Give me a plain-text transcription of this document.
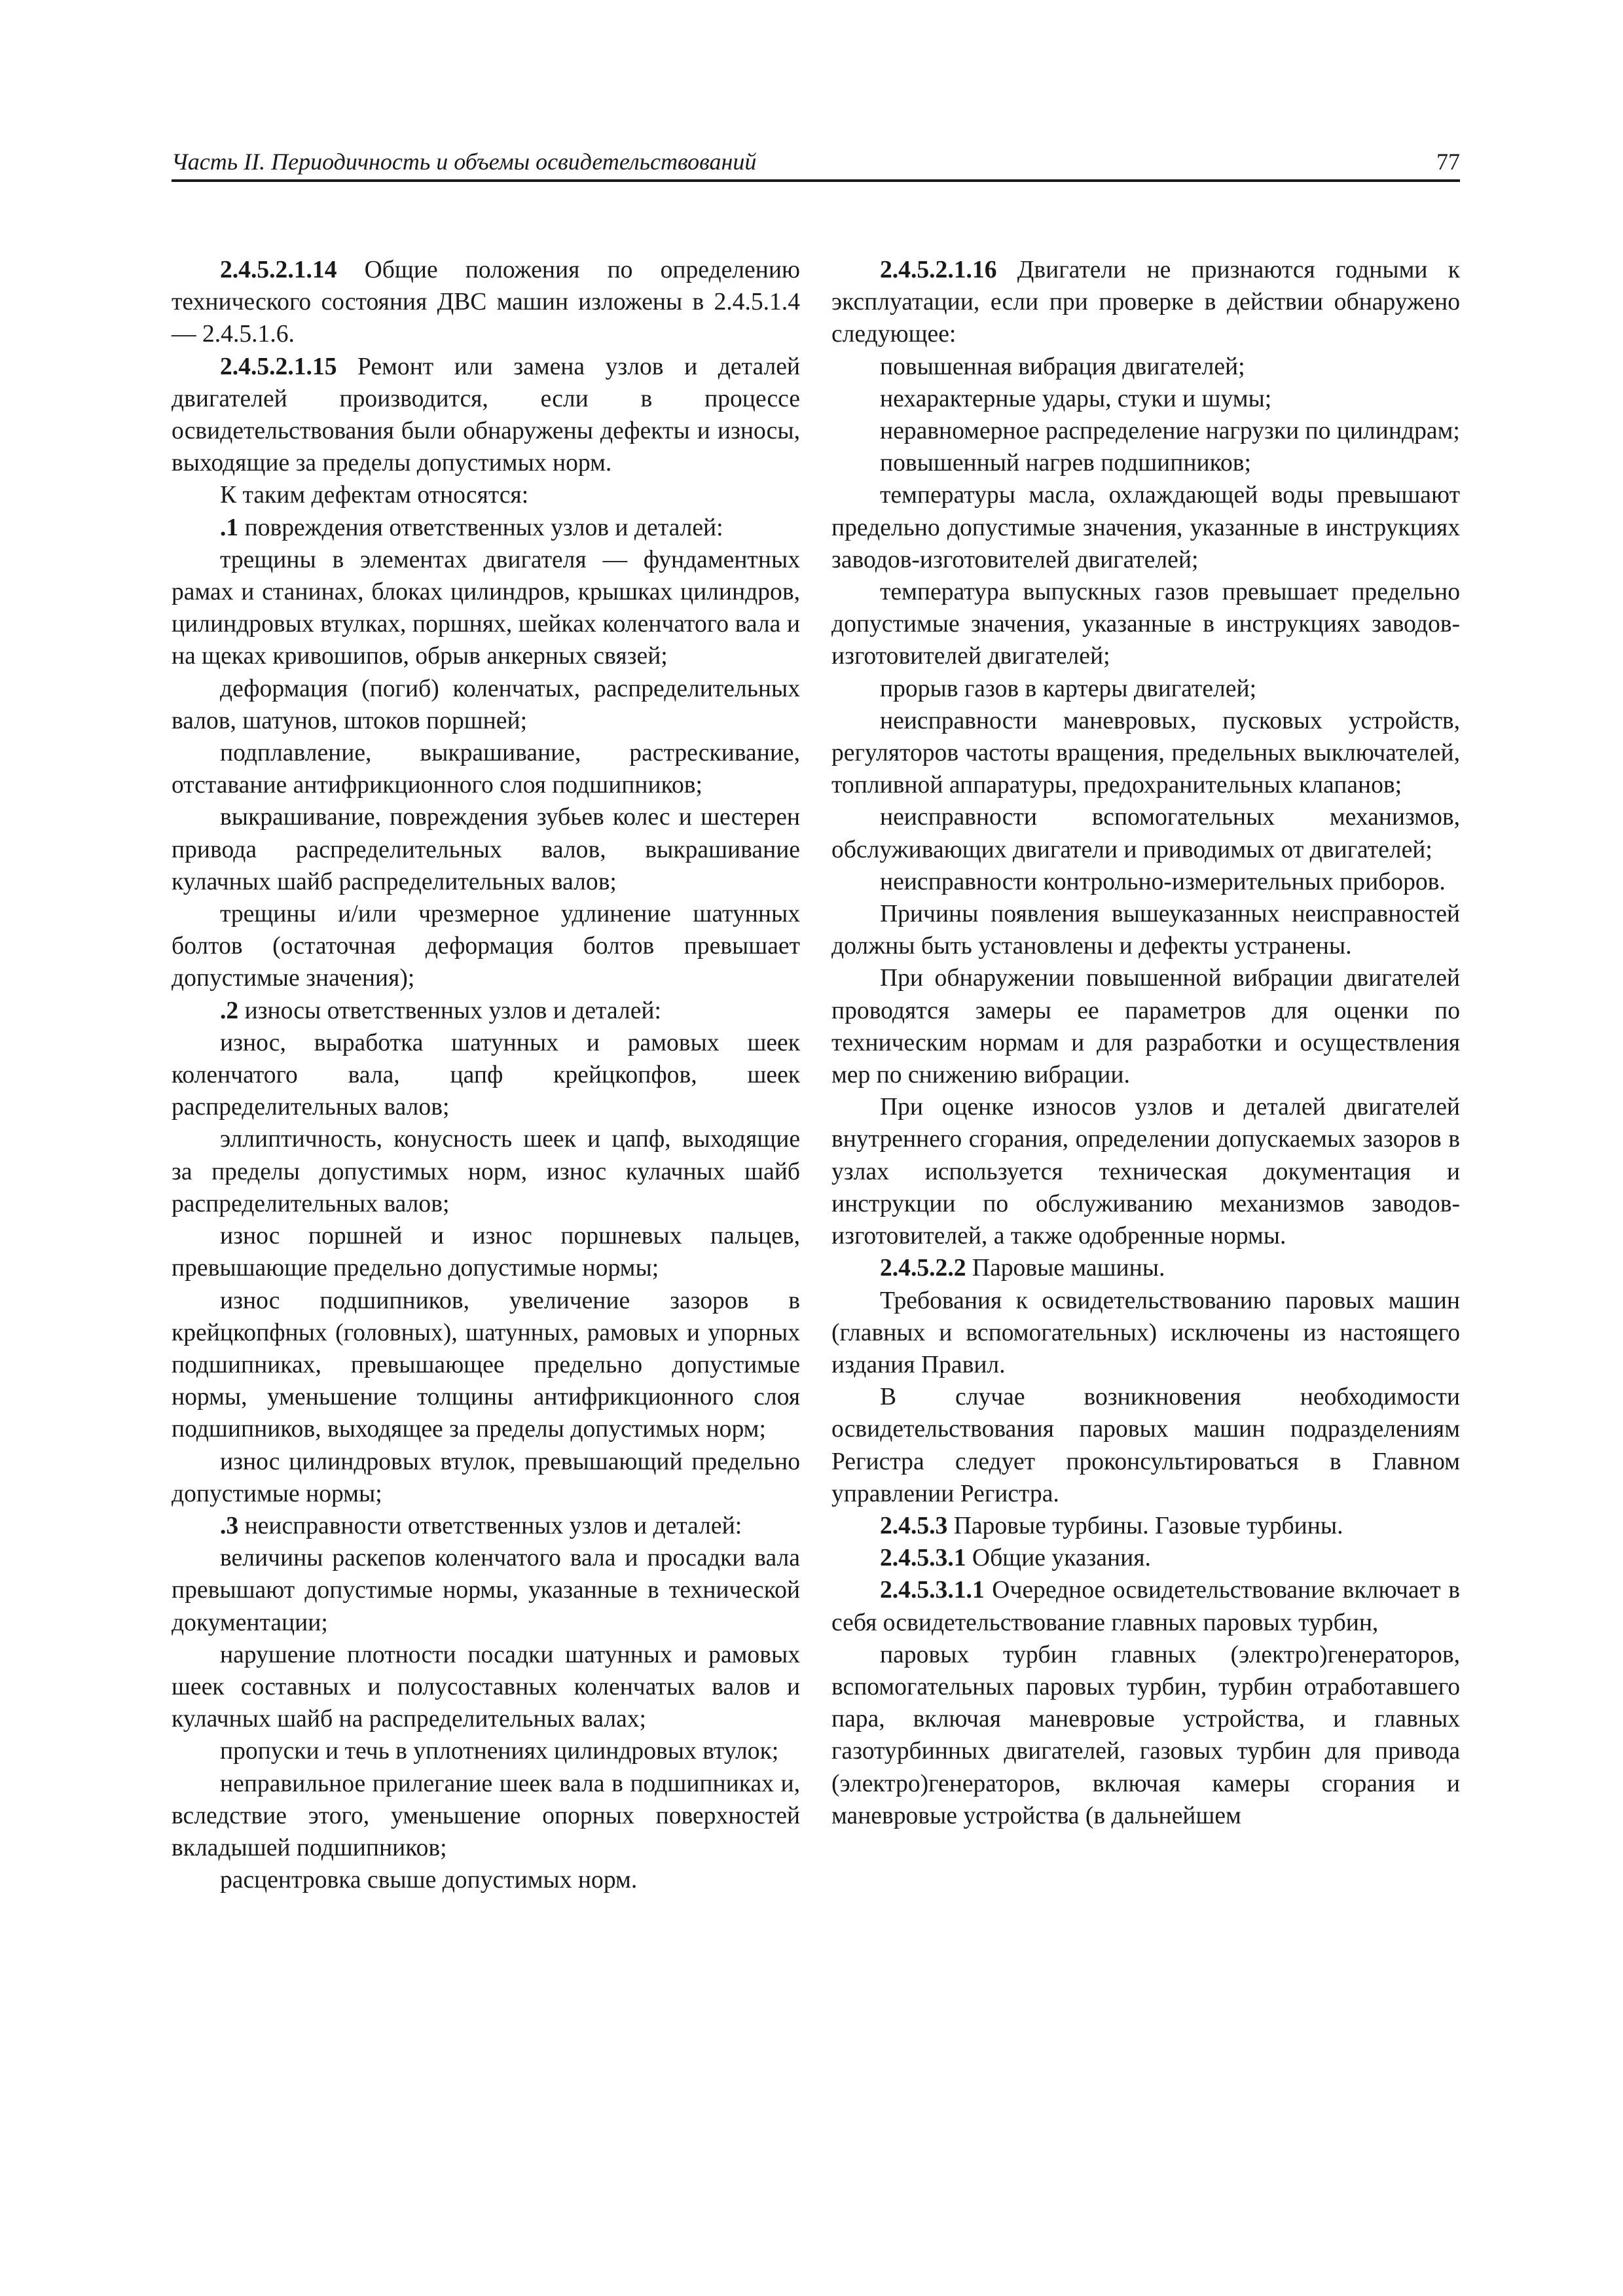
Часть II. Периодичность и объемы освидетельствований	77

2.4.5.2.1.14 Общие положения по определению технического состояния ДВС машин изложены в 2.4.5.1.4 — 2.4.5.1.6.

2.4.5.2.1.15 Ремонт или замена узлов и деталей двигателей производится, если в процессе освидетельствования были обнаружены дефекты и износы, выходящие за пределы допустимых норм.

К таким дефектам относятся:

.1 повреждения ответственных узлов и деталей:

трещины в элементах двигателя — фундаментных рамах и станинах, блоках цилиндров, крышках цилиндров, цилиндровых втулках, поршнях, шейках коленчатого вала и на щеках кривошипов, обрыв анкерных связей;

деформация (погиб) коленчатых, распределительных валов, шатунов, штоков поршней;

подплавление, выкрашивание, растрескивание, отставание антифрикционного слоя подшипников;

выкрашивание, повреждения зубьев колес и шестерен привода распределительных валов, выкрашивание кулачных шайб распределительных валов;

трещины и/или чрезмерное удлинение шатунных болтов (остаточная деформация болтов превышает допустимые значения);

.2 износы ответственных узлов и деталей:

износ, выработка шатунных и рамовых шеек коленчатого вала, цапф крейцкопфов, шеек распределительных валов;

эллиптичность, конусность шеек и цапф, выходящие за пределы допустимых норм, износ кулачных шайб распределительных валов;

износ поршней и износ поршневых пальцев, превышающие предельно допустимые нормы;

износ подшипников, увеличение зазоров в крейцкопфных (головных), шатунных, рамовых и упорных подшипниках, превышающее предельно допустимые нормы, уменьшение толщины антифрикционного слоя подшипников, выходящее за пределы допустимых норм;

износ цилиндровых втулок, превышающий предельно допустимые нормы;

.3 неисправности ответственных узлов и деталей:

величины раскепов коленчатого вала и просадки вала превышают допустимые нормы, указанные в технической документации;

нарушение плотности посадки шатунных и рамовых шеек составных и полусоставных коленчатых валов и кулачных шайб на распределительных валах;

пропуски и течь в уплотнениях цилиндровых втулок;

неправильное прилегание шеек вала в подшипниках и, вследствие этого, уменьшение опорных поверхностей вкладышей подшипников;

расцентровка свыше допустимых норм.

2.4.5.2.1.16 Двигатели не признаются годными к эксплуатации, если при проверке в действии обнаружено следующее:

повышенная вибрация двигателей;

нехарактерные удары, стуки и шумы;

неравномерное распределение нагрузки по цилиндрам;

повышенный нагрев подшипников;

температуры масла, охлаждающей воды превышают предельно допустимые значения, указанные в инструкциях заводов-изготовителей двигателей;

температура выпускных газов превышает предельно допустимые значения, указанные в инструкциях заводов-изготовителей двигателей;

прорыв газов в картеры двигателей;

неисправности маневровых, пусковых устройств, регуляторов частоты вращения, предельных выключателей, топливной аппаратуры, предохранительных клапанов;

неисправности вспомогательных механизмов, обслуживающих двигатели и приводимых от двигателей;

неисправности контрольно-измерительных приборов.

Причины появления вышеуказанных неисправностей должны быть установлены и дефекты устранены.

При обнаружении повышенной вибрации двигателей проводятся замеры ее параметров для оценки по техническим нормам и для разработки и осуществления мер по снижению вибрации.

При оценке износов узлов и деталей двигателей внутреннего сгорания, определении допускаемых зазоров в узлах используется техническая документация и инструкции по обслуживанию механизмов заводов-изготовителей, а также одобренные нормы.

2.4.5.2.2 Паровые машины.

Требования к освидетельствованию паровых машин (главных и вспомогательных) исключены из настоящего издания Правил.

В случае возникновения необходимости освидетельствования паровых машин подразделениям Регистра следует проконсультироваться в Главном управлении Регистра.

2.4.5.3 Паровые турбины. Газовые турбины.

2.4.5.3.1 Общие указания.

2.4.5.3.1.1 Очередное освидетельствование включает в себя освидетельствование главных паровых турбин,

паровых турбин главных (электро)генераторов, вспомогательных паровых турбин, турбин отработавшего пара, включая маневровые устройства, и главных газотурбинных двигателей, газовых турбин для привода (электро)генераторов, включая камеры сгорания и маневровые устройства (в дальнейшем
